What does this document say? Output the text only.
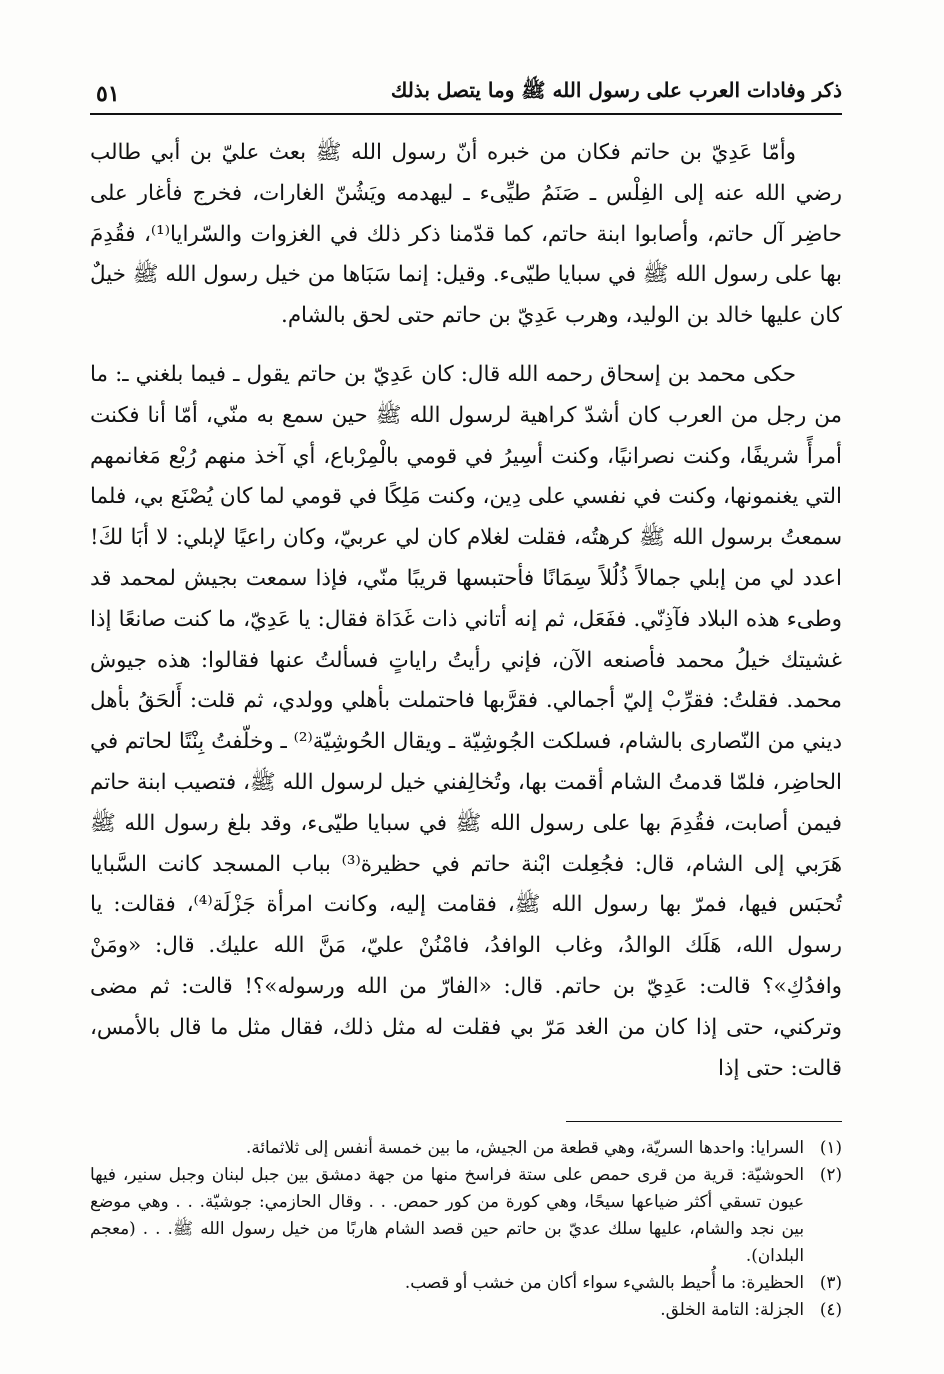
ذكر وفادات العرب على رسول الله ﷺ وما يتصل بذلك
٥١

وأمّا عَدِيّ بن حاتم فكان من خبره أنّ رسول الله ﷺ بعث عليّ بن أبي طالب رضي الله عنه إلى الفِلْس ـ صَنَمُ طيِّىء ـ ليهدمه ويَشُنّ الغارات، فخرج فأغار على حاضِر آل حاتم، وأصابوا ابنة حاتم، كما قدّمنا ذكر ذلك في الغزوات والسّرايا⁽¹⁾، فقُدِمَ بها على رسول الله ﷺ في سبايا طيّىء. وقيل: إنما سَبَاها من خيل رسول الله ﷺ خيلٌ كان عليها خالد بن الوليد، وهرب عَدِيّ بن حاتم حتى لحق بالشام.

حكى محمد بن إسحاق رحمه الله قال: كان عَدِيّ بن حاتم يقول ـ فيما بلغني ـ: ما من رجل من العرب كان أشدّ كراهية لرسول الله ﷺ حين سمع به منّي، أمّا أنا فكنت أمرأً شريفًا، وكنت نصرانيًا، وكنت أسِيرُ في قومي بالْمِرْباع، أي آخذ منهم رُبْع مَغانمهم التي يغنمونها، وكنت في نفسي على دِين، وكنت مَلِكًا في قومي لما كان يُصْنَع بي، فلما سمعتُ برسول الله ﷺ كرهتُه، فقلت لغلام كان لي عربيّ، وكان راعيًا لإبلي: لا أبَا لكَ! اعدد لي من إبلي جمالاً ذُلُلاً سِمَانًا فأحتبسها قريبًا منّي، فإذا سمعت بجيش لمحمد قد وطىء هذه البلاد فآذِنّي. ففَعَل، ثم إنه أتاني ذات غَدَاة فقال: يا عَدِيّ، ما كنت صانعًا إذا غشيتك خيلُ محمد فأصنعه الآن، فإني رأيتُ راياتٍ فسألتُ عنها فقالوا: هذه جيوش محمد. فقلتُ: فقرِّبْ إليّ أجمالي. فقرَّبها فاحتملت بأهلي وولدي، ثم قلت: أَلحَقُ بأهل ديني من النّصارى بالشام، فسلكت الجُوشِيّة ـ ويقال الحُوشِيّة⁽²⁾ ـ وخلّفتُ بِنْتًا لحاتم في الحاضِر، فلمّا قدمتُ الشام أقمت بها، وتُخالِفني خيل لرسول الله ﷺ، فتصيب ابنة حاتم فيمن أصابت، فقُدِمَ بها على رسول الله ﷺ في سبايا طيّىء، وقد بلغ رسول الله ﷺ هَرَبي إلى الشام، قال: فجُعِلت ابْنة حاتم في حظيرة⁽³⁾ بباب المسجد كانت السَّبايا تُحبَس فيها، فمرّ بها رسول الله ﷺ، فقامت إليه، وكانت امرأة جَزْلَة⁽⁴⁾، فقالت: يا رسول الله، هَلَك الوالدُ، وغاب الوافدُ، فامْنُنْ عليّ، مَنَّ الله عليك. قال: «ومَنْ وافدُكِ»؟ قالت: عَدِيّ بن حاتم. قال: «الفارّ من الله ورسوله»؟! قالت: ثم مضى وتركني، حتى إذا كان من الغد مَرّ بي فقلت له مثل ذلك، فقال مثل ما قال بالأمس، قالت: حتى إذا

(١)
السرايا: واحدها السريّة، وهي قطعة من الجيش، ما بين خمسة أنفس إلى ثلاثمائة.
(٢)
الحوشيّة: قرية من قرى حمص على ستة فراسخ منها من جهة دمشق بين جبل لبنان وجبل سنير، فيها عيون تسقي أكثر ضياعها سيحًا، وهي كورة من كور حمص. . . وقال الحازمي: جوشيّة. . . وهي موضع بين نجد والشام، عليها سلك عديّ بن حاتم حين قصد الشام هاربًا من خيل رسول الله ﷺ. . . (معجم البلدان).
(٣)
الحظيرة: ما أُحيط بالشيء سواء أكان من خشب أو قصب.
(٤)
الجزلة: التامة الخلق.
